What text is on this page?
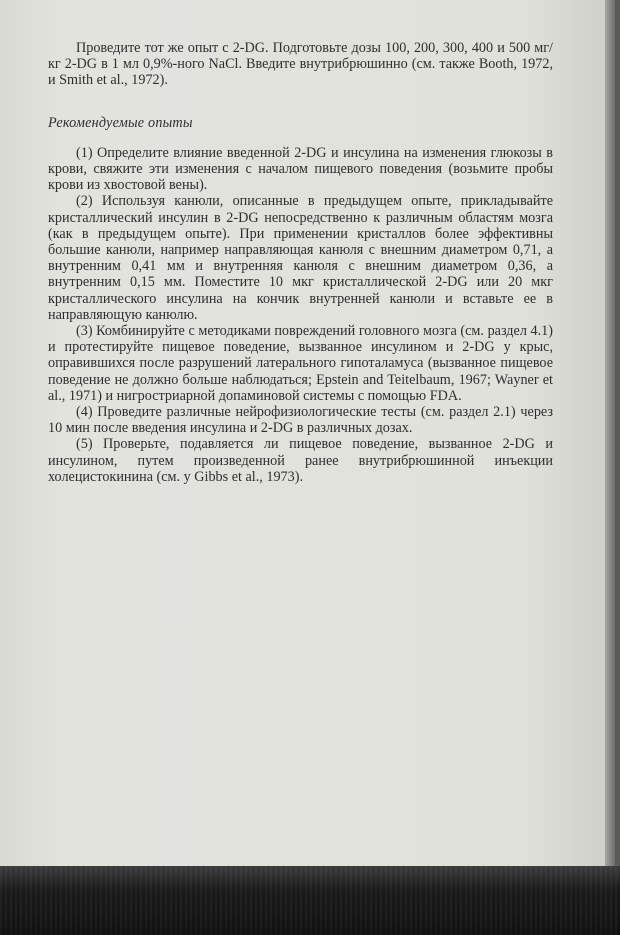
Проведите тот же опыт с 2-DG. Подготовьте дозы 100, 200, 300, 400 и 500 мг/кг 2-DG в 1 мл 0,9%-ного NaCl. Введите внутрибрюшинно (см. также Booth, 1972, и Smith et al., 1972).

Рекомендуемые опыты

(1) Определите влияние введенной 2-DG и инсулина на изменения глюкозы в крови, свяжите эти изменения с началом пищевого поведения (возьмите пробы крови из хвостовой вены).

(2) Используя канюли, описанные в предыдущем опыте, прикладывайте кристаллический инсулин в 2-DG непосредственно к различным областям мозга (как в предыдущем опыте). При применении кристаллов более эффективны большие канюли, например направляющая канюля с внешним диаметром 0,71, а внутренним 0,41 мм и внутренняя канюля с внешним диаметром 0,36, а внутренним 0,15 мм. Поместите 10 мкг кристаллической 2-DG или 20 мкг кристаллического инсулина на кончик внутренней канюли и вставьте ее в направляющую канюлю.

(3) Комбинируйте с методиками повреждений головного мозга (см. раздел 4.1) и протестируйте пищевое поведение, вызванное инсулином и 2-DG у крыс, оправившихся после разрушений латерального гипоталамуса (вызванное пищевое поведение не должно больше наблюдаться; Epstein and Teitelbaum, 1967; Wayner et al., 1971) и нигростриарной допаминовой системы с помощью FDA.

(4) Проведите различные нейрофизиологические тесты (см. раздел 2.1) через 10 мин после введения инсулина и 2-DG в различных дозах.

(5) Проверьте, подавляется ли пищевое поведение, вызванное 2-DG и инсулином, путем произведенной ранее внутрибрюшинной инъекции холецистокинина (см. у Gibbs et al., 1973).
